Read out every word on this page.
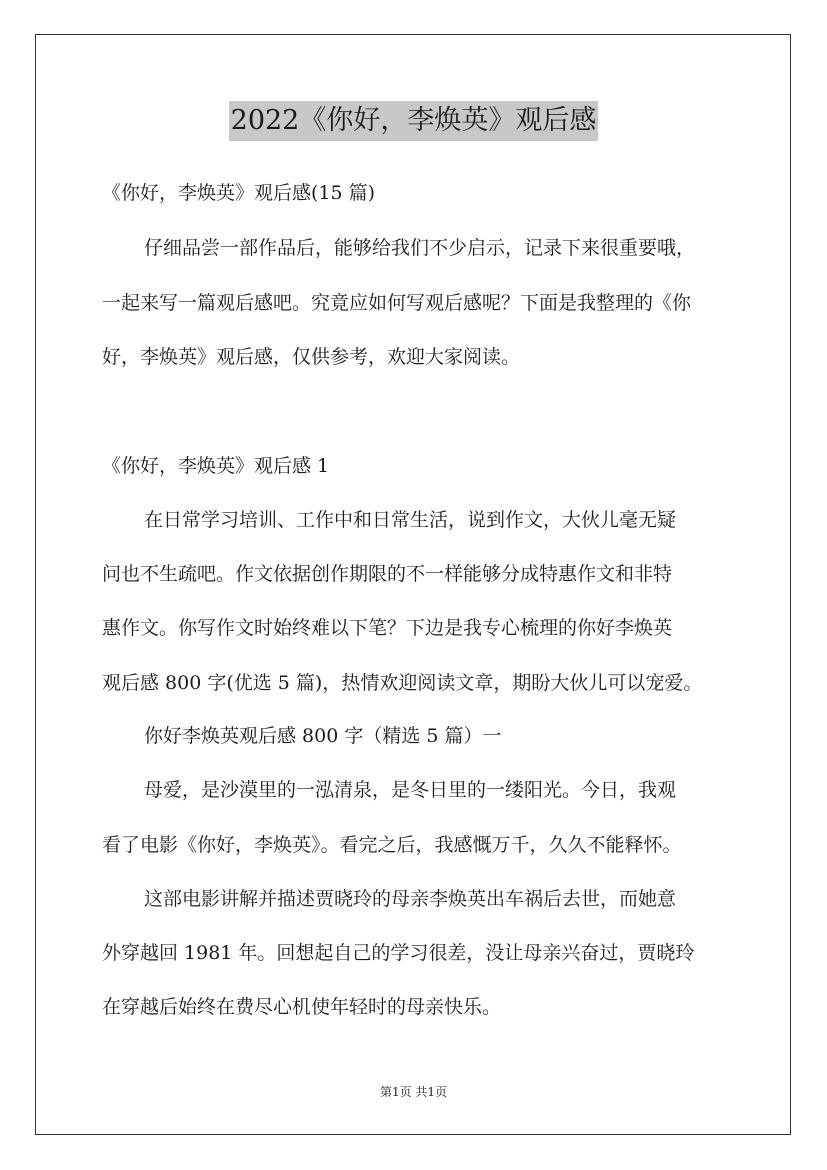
2022《你好，李焕英》观后感
《你好，李焕英》观后感(15 篇)
仔细品尝一部作品后，能够给我们不少启示，记录下来很重要哦，
一起来写一篇观后感吧。究竟应如何写观后感呢？下面是我整理的《你
好，李焕英》观后感，仅供参考，欢迎大家阅读。
《你好，李焕英》观后感 1
在日常学习培训、工作中和日常生活，说到作文，大伙儿毫无疑
问也不生疏吧。作文依据创作期限的不一样能够分成特惠作文和非特
惠作文。你写作文时始终难以下笔？下边是我专心梳理的你好李焕英
观后感 800 字(优选 5 篇)，热情欢迎阅读文章，期盼大伙儿可以宠爱。
你好李焕英观后感 800 字（精选 5 篇）一
母爱，是沙漠里的一泓清泉，是冬日里的一缕阳光。今日，我观
看了电影《你好，李焕英》。看完之后，我感慨万千，久久不能释怀。
这部电影讲解并描述贾晓玲的母亲李焕英出车祸后去世，而她意
外穿越回 1981 年。回想起自己的学习很差，没让母亲兴奋过，贾晓玲
在穿越后始终在费尽心机使年轻时的母亲快乐。
第1页 共1页
